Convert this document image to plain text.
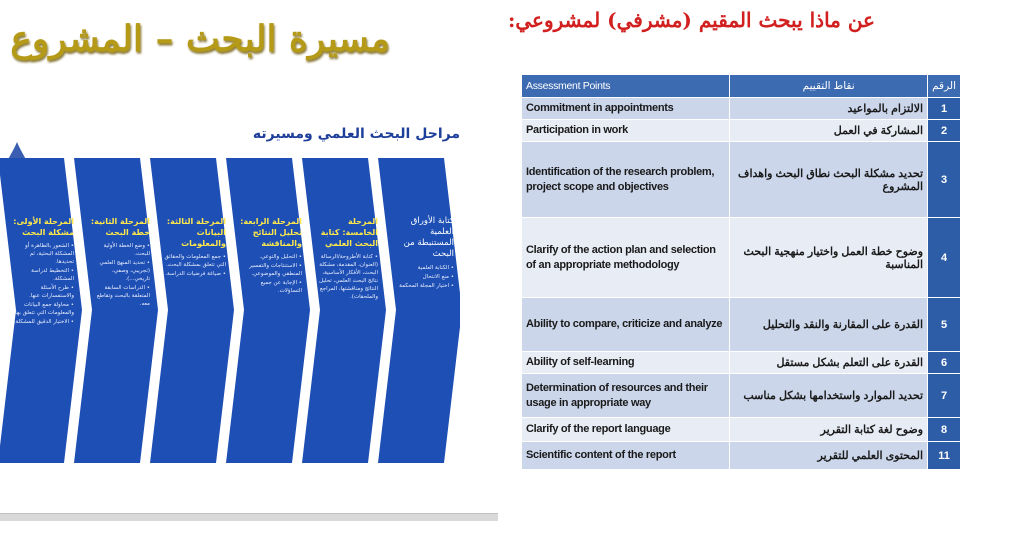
مسيرة البحث – المشروع
مراحل البحث العلمي ومسيرته
كتابة الأوراق العلمية المستنبطة من البحث
• الكتابة العلمية
• منع الانتحال
• اختيار المجلة المحكمة
المرحلة الخامسة: كتابة البحث العلمي
• كتابة الأطروحة/الرسالة (العنوان، المقدمة، مشكلة البحث، الأفكار الأساسية، نتائج البحث العلمي، تحليل النتائج ومناقشتها، المراجع والملحقات).
المرحلة الرابعة: تحليل النتائج والمناقشة
• التحليل والتوعي.
• الاستنتاجات والتفسير المنطقي والموضوعي.
• الإجابة عن جميع التساؤلات.
المرحلة الثالثة: البيانات والمعلومات
• جمع المعلومات والحقائق التي تتعلق بمشكلة البحث.
• صياغة فرضيات الدراسة.
المرحلة الثانية: خطة البحث
• وضع الخطة الأولية للبحث.
• تحديد المنهج العلمي (تجريبي، وصفي، تاريخي...).
• الدراسات السابقة المتعلقة بالبحث وتقاطع معه.
المرحلة الأولى: مشكلة البحث
• الشعور بالظاهرة أو المشكلة البحثية، ثم تحديدها.
• التخطيط لدراسة المشكلة.
• طرح الأسئلة والاستفسارات عنها.
• محاولة جمع البيانات والمعلومات التي تتعلق بها.
• الاختيار الدقيق للمشكلة.
عن ماذا يبحث المقيم (مشرفي) لمشروعي:
Assessment Points	نقاط التقييم	الرقم
Commitment in appointments	الالتزام بالمواعيد	1
Participation in work	المشاركة في العمل	2
Identification of the research problem, project scope and objectives	تحديد مشكلة البحث نطاق البحث واهداف المشروع	3
Clarify of the action plan and selection of an appropriate methodology	وضوح خطة العمل واختيار منهجية البحث المناسبة	4
Ability to compare, criticize and analyze	القدرة على المقارنة والنقد والتحليل	5
Ability of self-learning	القدرة على التعلم بشكل مستقل	6
Determination of resources and their usage in appropriate way	تحديد الموارد واستخدامها بشكل مناسب	7
Clarify of the report language	وضوح لغة كتابة التقرير	8
Scientific content of the report	المحتوى العلمي للتقرير	11
